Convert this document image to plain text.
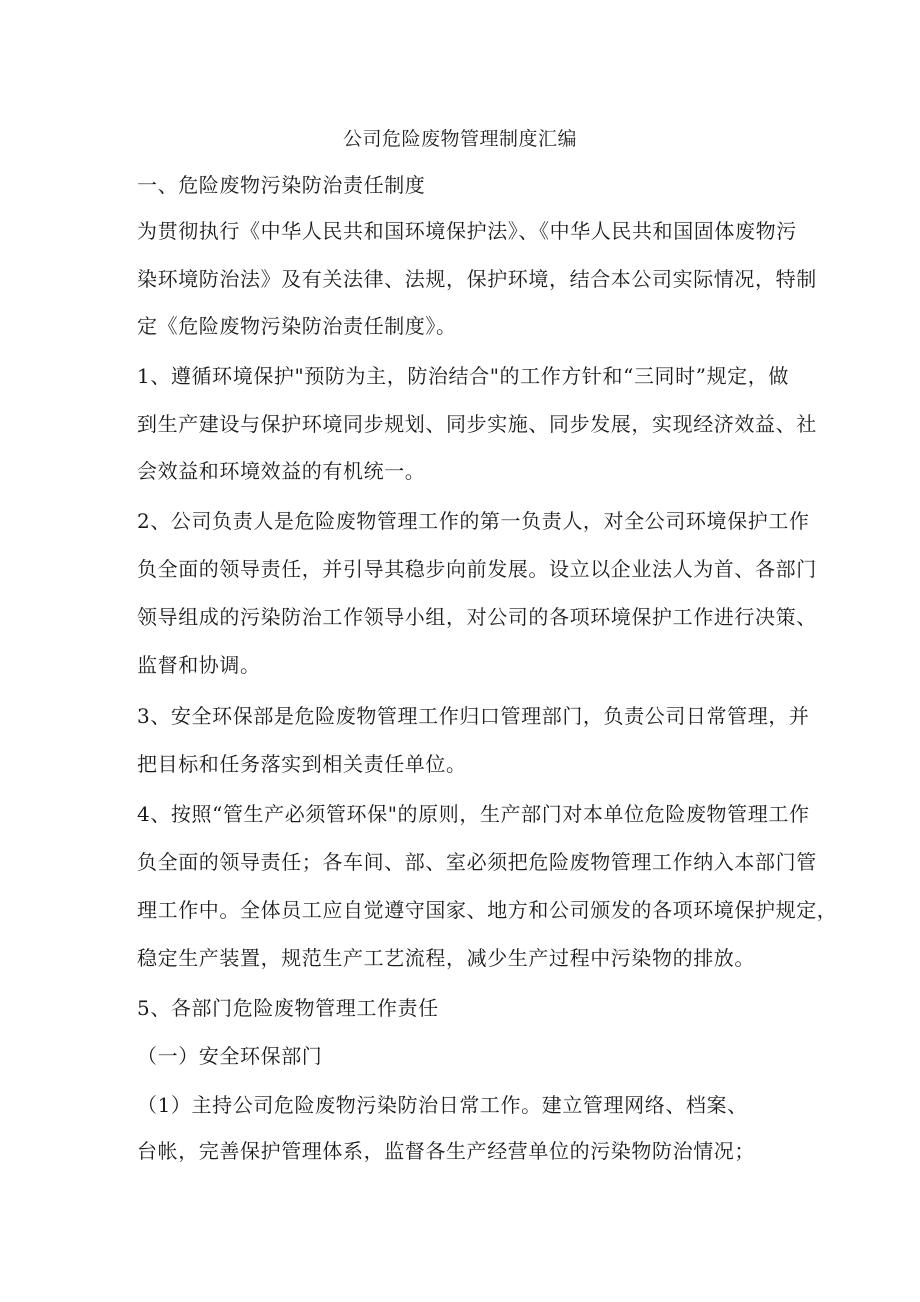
公司危险废物管理制度汇编
一、危险废物污染防治责任制度
为贯彻执行《中华人民共和国环境保护法》、《中华人民共和国固体废物污
染环境防治法》及有关法律、法规，保护环境，结合本公司实际情况，特制
定《危险废物污染防治责任制度》。
1、遵循环境保护"预防为主，防治结合"的工作方针和“三同时”规定，做
到生产建设与保护环境同步规划、同步实施、同步发展，实现经济效益、社
会效益和环境效益的有机统一。
2、公司负责人是危险废物管理工作的第一负责人，对全公司环境保护工作
负全面的领导责任，并引导其稳步向前发展。设立以企业法人为首、各部门
领导组成的污染防治工作领导小组，对公司的各项环境保护工作进行决策、
监督和协调。
3、安全环保部是危险废物管理工作归口管理部门，负责公司日常管理，并
把目标和任务落实到相关责任单位。
4、按照“管生产必须管环保"的原则，生产部门对本单位危险废物管理工作
负全面的领导责任；各车间、部、室必须把危险废物管理工作纳入本部门管
理工作中。全体员工应自觉遵守国家、地方和公司颁发的各项环境保护规定，
稳定生产装置，规范生产工艺流程，减少生产过程中污染物的排放。
5、各部门危险废物管理工作责任
（一）安全环保部门
（1）主持公司危险废物污染防治日常工作。建立管理网络、档案、
台帐，完善保护管理体系，监督各生产经营单位的污染物防治情况；
